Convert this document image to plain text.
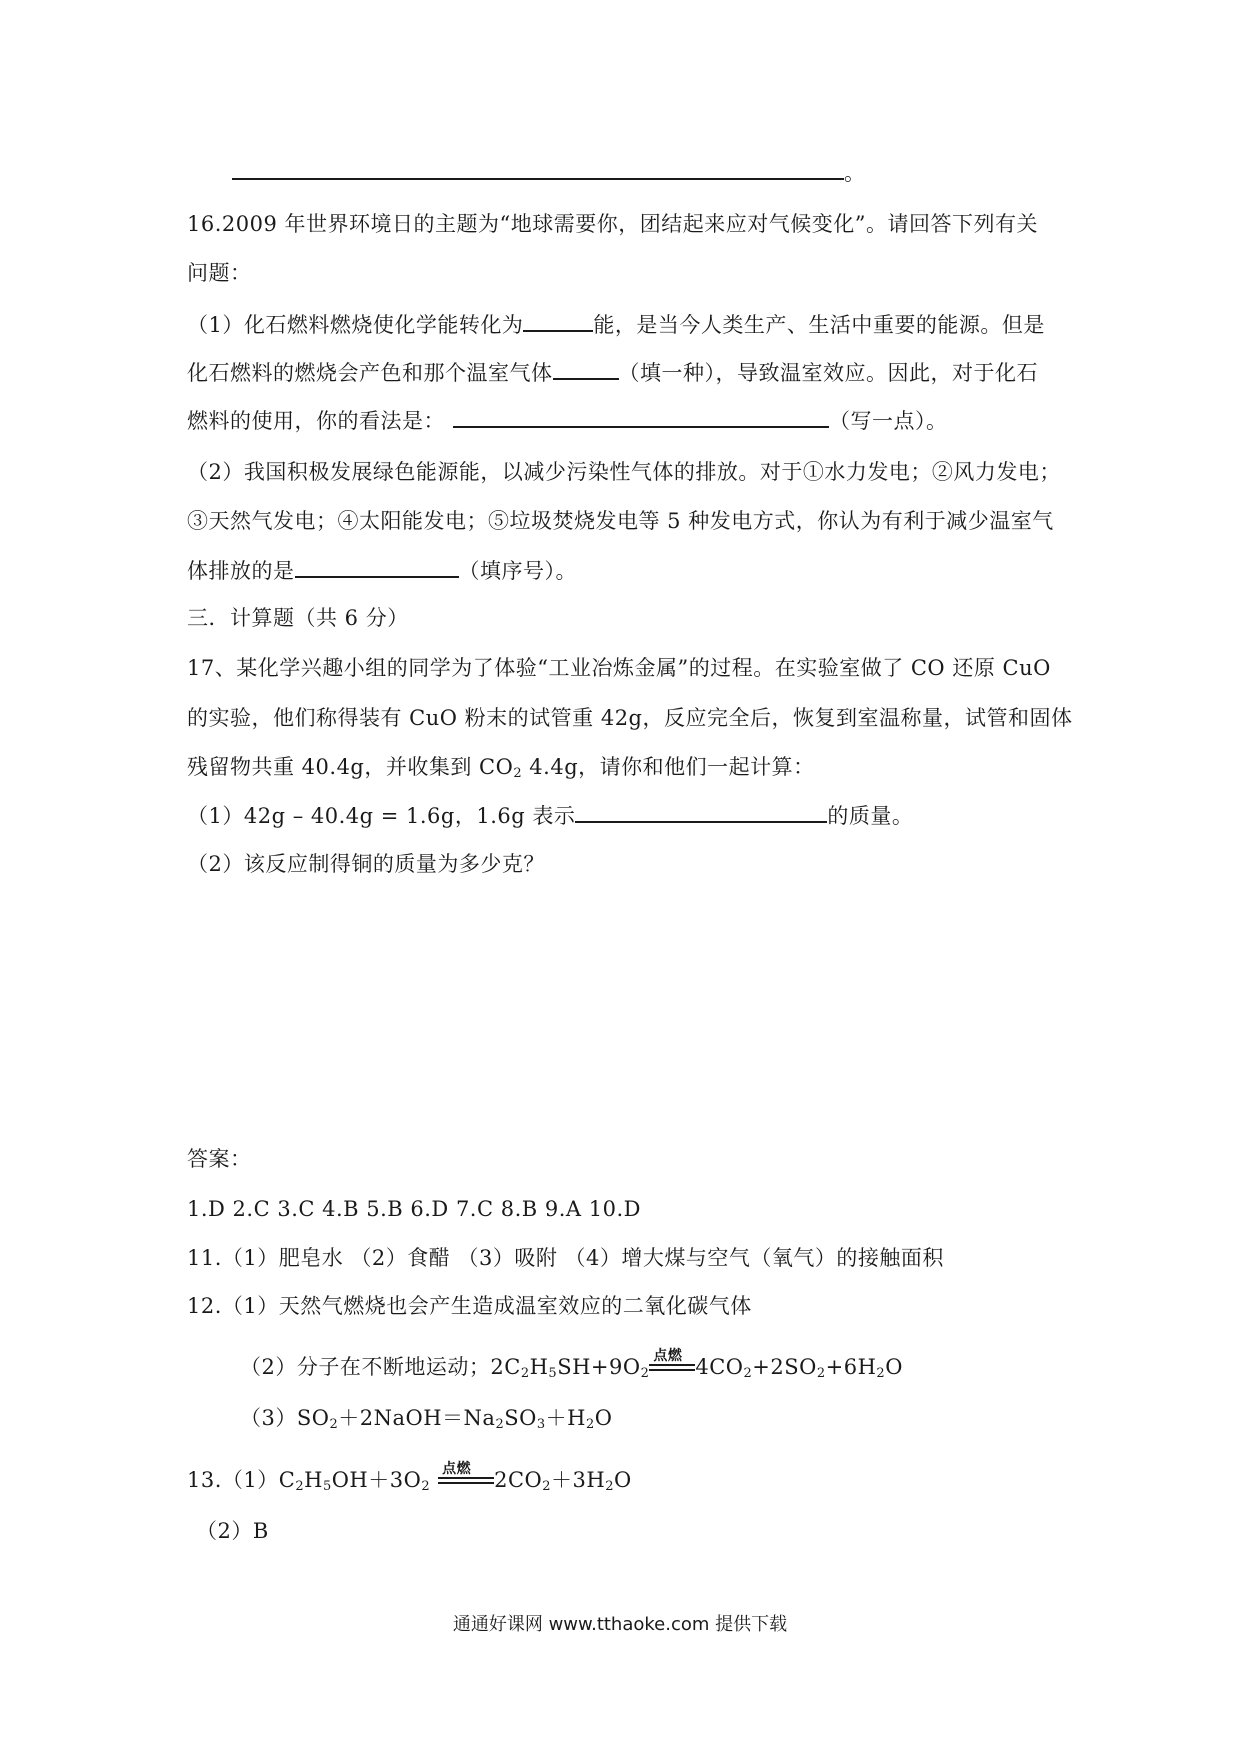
。
16.2009 年世界环境日的主题为“地球需要你，团结起来应对气候变化”。请回答下列有关
问题：
（1）化石燃料燃烧使化学能转化为	能，是当今人类生产、生活中重要的能源。但是
化石燃料的燃烧会产色和那个温室气体	（填一种），导致温室效应。因此，对于化石
燃料的使用，你的看法是：	（写一点）。
（2）我国积极发展绿色能源能，以减少污染性气体的排放。对于①水力发电；②风力发电；
③天然气发电；④太阳能发电；⑤垃圾焚烧发电等 5 种发电方式，你认为有利于减少温室气
体排放的是	（填序号）。
三．计算题（共 6 分）
17、某化学兴趣小组的同学为了体验“工业冶炼金属”的过程。在实验室做了 CO 还原 CuO
的实验，他们称得装有 CuO 粉末的试管重 42g，反应完全后，恢复到室温称量，试管和固体
残留物共重 40.4g，并收集到 $CO_2$ 4.4g，请你和他们一起计算：
（1）42g – 40.4g = 1.6g，1.6g 表示	的质量。
（2）该反应制得铜的质量为多少克？
答案：
1.D 2.C 3.C 4.B 5.B 6.D 7.C 8.B 9.A 10.D
11.（1）肥皂水 （2）食醋 （3）吸附 （4）增大煤与空气（氧气）的接触面积
12.（1）天然气燃烧也会产生造成温室效应的二氧化碳气体
（2）分子在不断地运动；$2C_2H_5SH+9O_2$
点燃 $4CO_2+2SO_2+6H_2O$
$(3)SO_2+2NaOH=Na_2SO_3+H_2O$
$13.(1)C_2H_5OH+3O_2$
点燃 $2CO_2+3H_2O$
（2）B
通通好课网 www.tthaoke.com 提供下载
